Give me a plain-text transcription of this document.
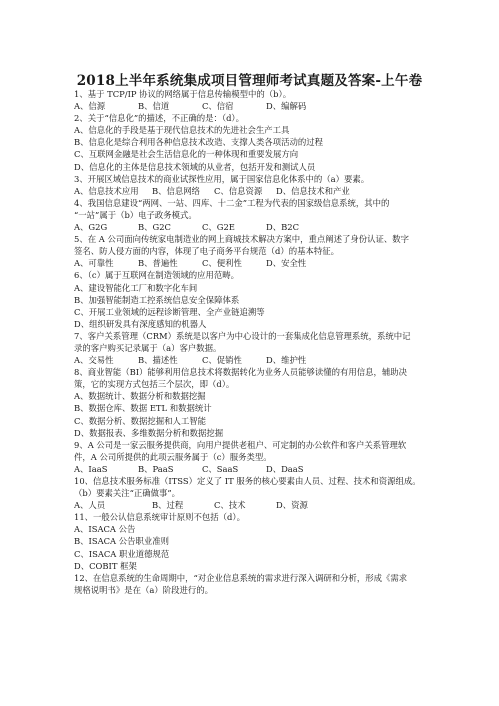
2018上半年系统集成项目管理师考试真题及答案-上午卷
1、基于 TCP/IP 协议的网络属于信息传输模型中的（b）。
A、信源	B、信道	C、信宿	D、编解码
2、关于“信息化”的描述，不正确的是：（d）。
A、信息化的手段是基于现代信息技术的先进社会生产工具
B、信息化是综合利用各种信息技术改造、支撑人类各项活动的过程
C、互联网金融是社会生活信息化的一种体现和重要发展方向
D、信息化的主体是信息技术领域的从业者，包括开发和测试人员
3、开展区域信息技术的商业试探性应用，属于国家信息化体系中的（a）要素。
A、信息技术应用	B、信息网络	C、信息资源	D、信息技术和产业
4、我国信息建设“两网、一站、四库、十二金”工程为代表的国家级信息系统，其中的
“一站”属于（b）电子政务模式。
A、G2G	B、G2C	C、G2E	D、B2C
5、在 A 公司面向传统家电制造业的网上商城技术解决方案中，重点阐述了身份认证、数字
签名、防人侵方面的内容，体现了电子商务平台规范（d）的基本特征。
A、可靠性	B、普遍性	C、便利性	D、安全性
6、（c）属于互联网在制造领域的应用范畴。
A、建设智能化工厂和数字化车间
B、加强智能制造工控系统信息安全保障体系
C、开展工业领域的远程诊断管理、全产业链追溯等
D、组织研发具有深度感知的机器人
7、客户关系管理（CRM）系统是以客户为中心设计的一套集成化信息管理系统，系统中记
录的客户购买记录属于（a）客户数据。
A、交易性	B、描述性	C、促销性	D、维护性
8、商业智能（BI）能够利用信息技术将数据转化为业务人员能够读懂的有用信息，辅助决
策，它的实现方式包括三个层次，即（d）。
A、数据统计、数据分析和数据挖掘
B、数据仓库、数据 ETL 和数据统计
C、数据分析、数据挖掘和人工智能
D、数据报表、多维数据分析和数据挖掘
9、A 公司是一家云服务提供商，向用户提供老租户、可定制的办公软件和客户关系管理软
件，A 公司所提供的此项云服务属于（c）服务类型。
A、IaaS	B、PaaS	C、SaaS	D、DaaS
10、信息技术服务标准（ITSS）定义了 IT 服务的核心要素由人员、过程、技术和资源组成。
（b）要素关注“正确做事”。
A、人员	B、过程	C、技术	D、资源
11、一般公认信息系统审计原则不包括（d）。
A、ISACA 公告
B、ISACA 公告职业准则
C、ISACA 职业道德规范
D、COBIT 框架
12、在信息系统的生命周期中，“对企业信息系统的需求进行深入调研和分析，形成《需求
规格说明书》是在（a）阶段进行的。
